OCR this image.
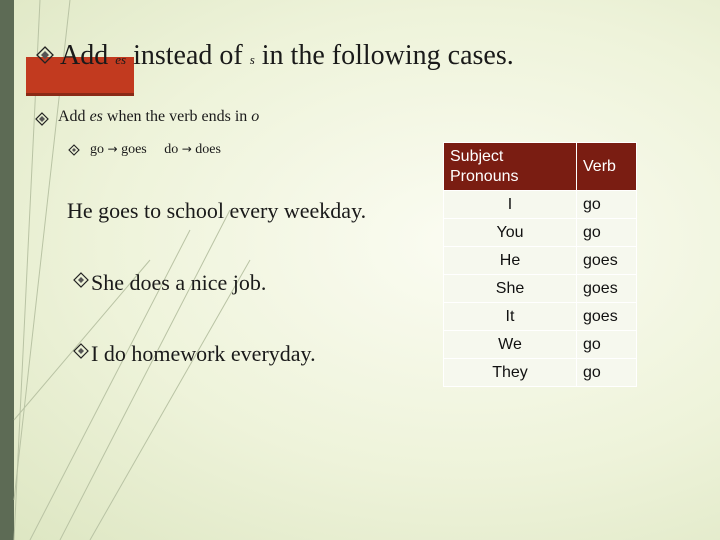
Add es instead of s in the following cases.
Add es when the verb ends in o
go → goes do → does
He goes to school every weekday.
She does a nice job.
I do homework everyday.
Subject Pronouns	Verb
I	go
You	go
He	goes
She	goes
It	goes
We	go
They	go
